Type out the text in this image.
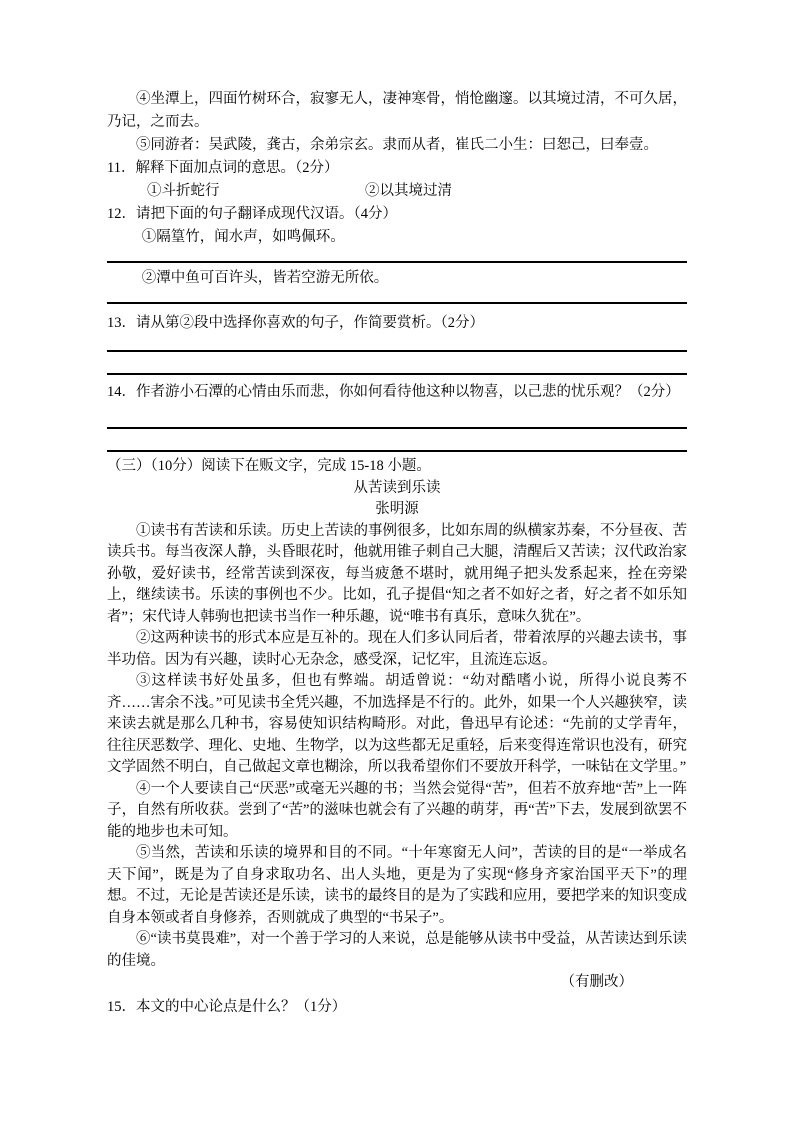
④坐潭上，四面竹树环合，寂寥无人，凄神寒骨，悄怆幽邃。以其境过清，不可久居，乃记，之而去。

⑤同游者：吴武陵，龚古，余弟宗玄。隶而从者，崔氏二小生：曰恕己，曰奉壹。

11．解释下面加点词的意思。（2分）

①斗折蛇行	②以其境过清

12．请把下面的句子翻译成现代汉语。（4分）

①隔篁竹，闻水声，如鸣佩环。

②潭中鱼可百许头，皆若空游无所依。

13．请从第②段中选择你喜欢的句子，作简要赏析。（2分）

14．作者游小石潭的心情由乐而悲，你如何看待他这种以物喜，以己悲的忧乐观？（2分）

（三）（10分）阅读下在贩文字，完成 15-18 小题。

从苦读到乐读

张明源

①读书有苦读和乐读。历史上苦读的事例很多，比如东周的纵横家苏秦，不分昼夜、苦读兵书。每当夜深人静，头昏眼花时，他就用锥子刺自己大腿，清醒后又苦读；汉代政治家孙敬，爱好读书，经常苦读到深夜，每当疲惫不堪时，就用绳子把头发系起来，拴在旁梁上，继续读书。乐读的事例也不少。比如，孔子提倡“知之者不如好之者，好之者不如乐知者”；宋代诗人韩驹也把读书当作一种乐趣，说“唯书有真乐，意味久犹在”。

②这两种读书的形式本应是互补的。现在人们多认同后者，带着浓厚的兴趣去读书，事半功倍。因为有兴趣，读时心无杂念，感受深，记忆牢，且流连忘返。

③这样读书好处虽多，但也有弊端。胡适曾说：“幼对酷嗜小说，所得小说良莠不齐……害余不浅。”可见读书全凭兴趣，不加选择是不行的。此外，如果一个人兴趣狭窄，读来读去就是那么几种书，容易使知识结构畸形。对此，鲁迅早有论述：“先前的丈学青年，往往厌恶数学、理化、史地、生物学，以为这些都无足重轻，后来变得连常识也没有，研究文学固然不明白，自己做起文章也糊涂，所以我希望你们不要放开科学，一味钻在文学里。”

④一个人要读自己“厌恶”或毫无兴趣的书；当然会觉得“苦”，但若不放弃地“苦”上一阵子，自然有所收获。尝到了“苦”的滋味也就会有了兴趣的萌芽，再“苦”下去，发展到欲罢不能的地步也未可知。

⑤当然，苦读和乐读的境界和目的不同。“十年寒窗无人问”，苦读的目的是“一举成名天下闻”，既是为了自身求取功名、出人头地，更是为了实现“修身齐家治国平天下”的理想。不过，无论是苦读还是乐读，读书的最终目的是为了实践和应用，要把学来的知识变成自身本领或者自身修养，否则就成了典型的“书呆子”。

⑥“读书莫畏难”，对一个善于学习的人来说，总是能够从读书中受益，从苦读达到乐读的佳境。

（有删改）

15．本文的中心论点是什么？（1分）
